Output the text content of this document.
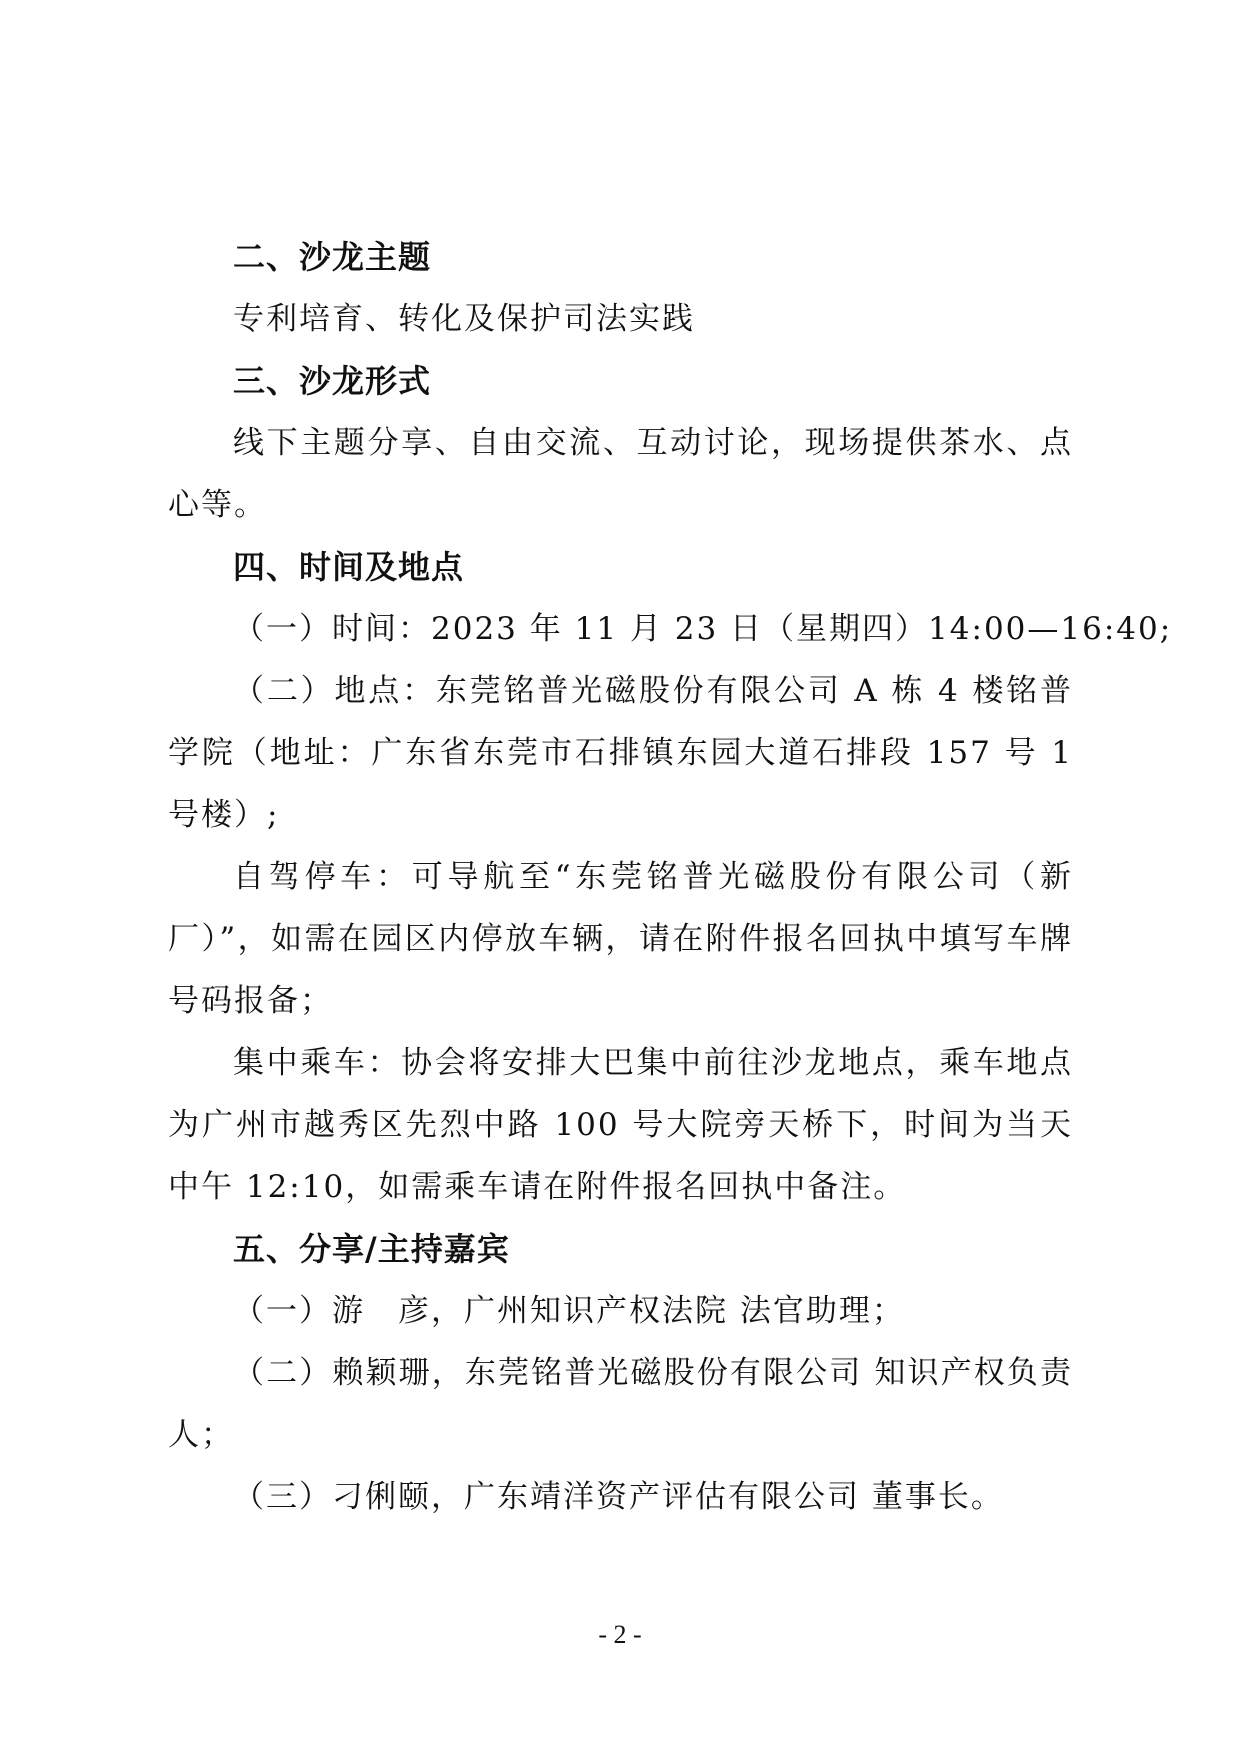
二、沙龙主题

专利培育、转化及保护司法实践

三、沙龙形式

线下主题分享、自由交流、互动讨论，现场提供茶水、点心等。

四、时间及地点

（一）时间：2023 年 11 月 23 日（星期四）14:00—16:40;

（二）地点：东莞铭普光磁股份有限公司 A 栋 4 楼铭普学院（地址：广东省东莞市石排镇东园大道石排段 157 号 1 号楼）;

自驾停车：可导航至“东莞铭普光磁股份有限公司（新厂）”，如需在园区内停放车辆，请在附件报名回执中填写车牌号码报备；

集中乘车：协会将安排大巴集中前往沙龙地点，乘车地点为广州市越秀区先烈中路 100 号大院旁天桥下，时间为当天中午 12:10，如需乘车请在附件报名回执中备注。

五、分享/主持嘉宾

（一）游　彦，广州知识产权法院 法官助理；

（二）赖颖珊，东莞铭普光磁股份有限公司 知识产权负责人；

（三）刁俐颐，广东靖洋资产评估有限公司 董事长。

- 2 -
